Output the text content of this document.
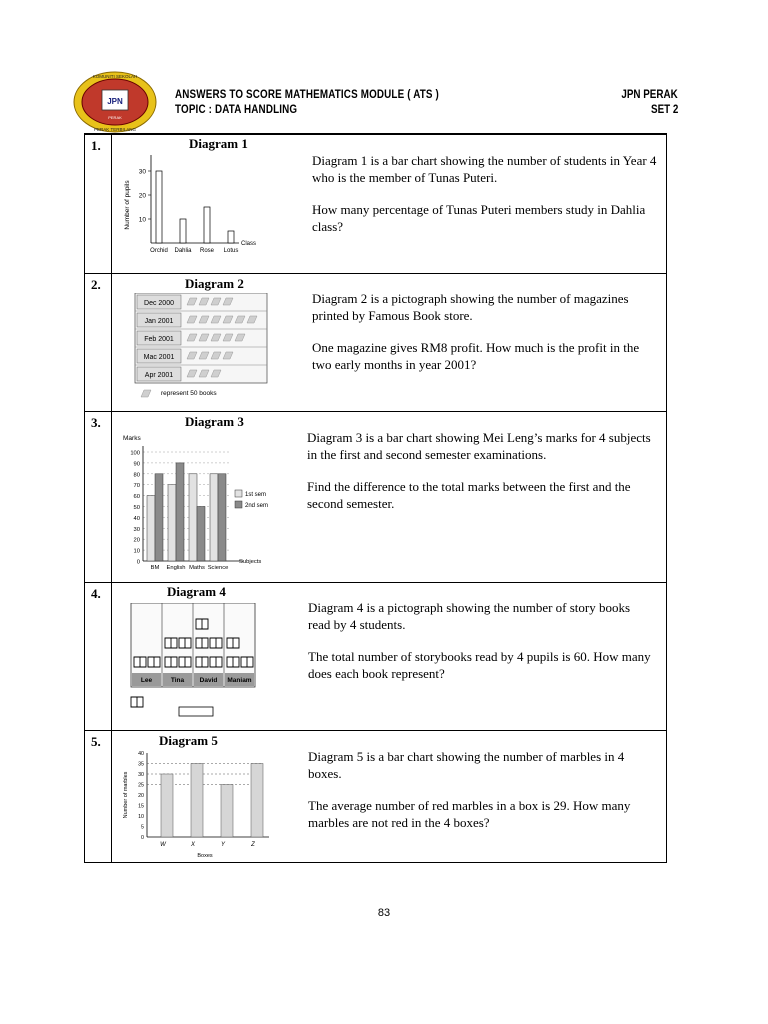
JPN
PERAK
KOMUNITI SEKOLAH
PERAK TERBILANG
ANSWERS TO SCORE MATHEMATICS MODULE ( ATS )
TOPIC : DATA HANDLING
JPN PERAK
SET 2
1.	Diagram 1
10
20
30
Number of pupils
Orchid Dahlia Rose Lotus
Class

Diagram 1 is a bar chart showing the number of students in Year 4 who is the member of Tunas Puteri.

How many percentage of Tunas Puteri members study in Dahlia class?

2.	Diagram 2
Dec 2000
Jan 2001
Feb 2001
Mac 2001
Apr 2001
represent 50 books

Diagram 2 is a pictograph showing the number of magazines printed by Famous Book store.

One magazine gives RM8 profit. How much is the profit in the two early months in year 2001?

3.	Diagram 3
Marks
0
10
20
30
40
50
60
70
80
90
100
BM English Maths Science
Subjects
1st sem
2nd sem

Diagram 3 is a bar chart showing Mei Leng’s marks for 4 subjects in the first and second semester examinations.

Find the difference to the total marks between the first and the second semester.

4.	Diagram 4
Lee	Tina David Maniam

Diagram 4 is a pictograph showing the number of story books read by 4 students.

The total number of storybooks read by 4 pupils is 60. How many does each book represent?

5.	Diagram 5
0
5
10
15
20
25
30
35
40
Number of marbles
W	X	Y	Z
Boxes

Diagram 5 is a bar chart showing the number of marbles in 4 boxes.

The average number of red marbles in a box is 29. How many marbles are not red in the 4 boxes?

83
